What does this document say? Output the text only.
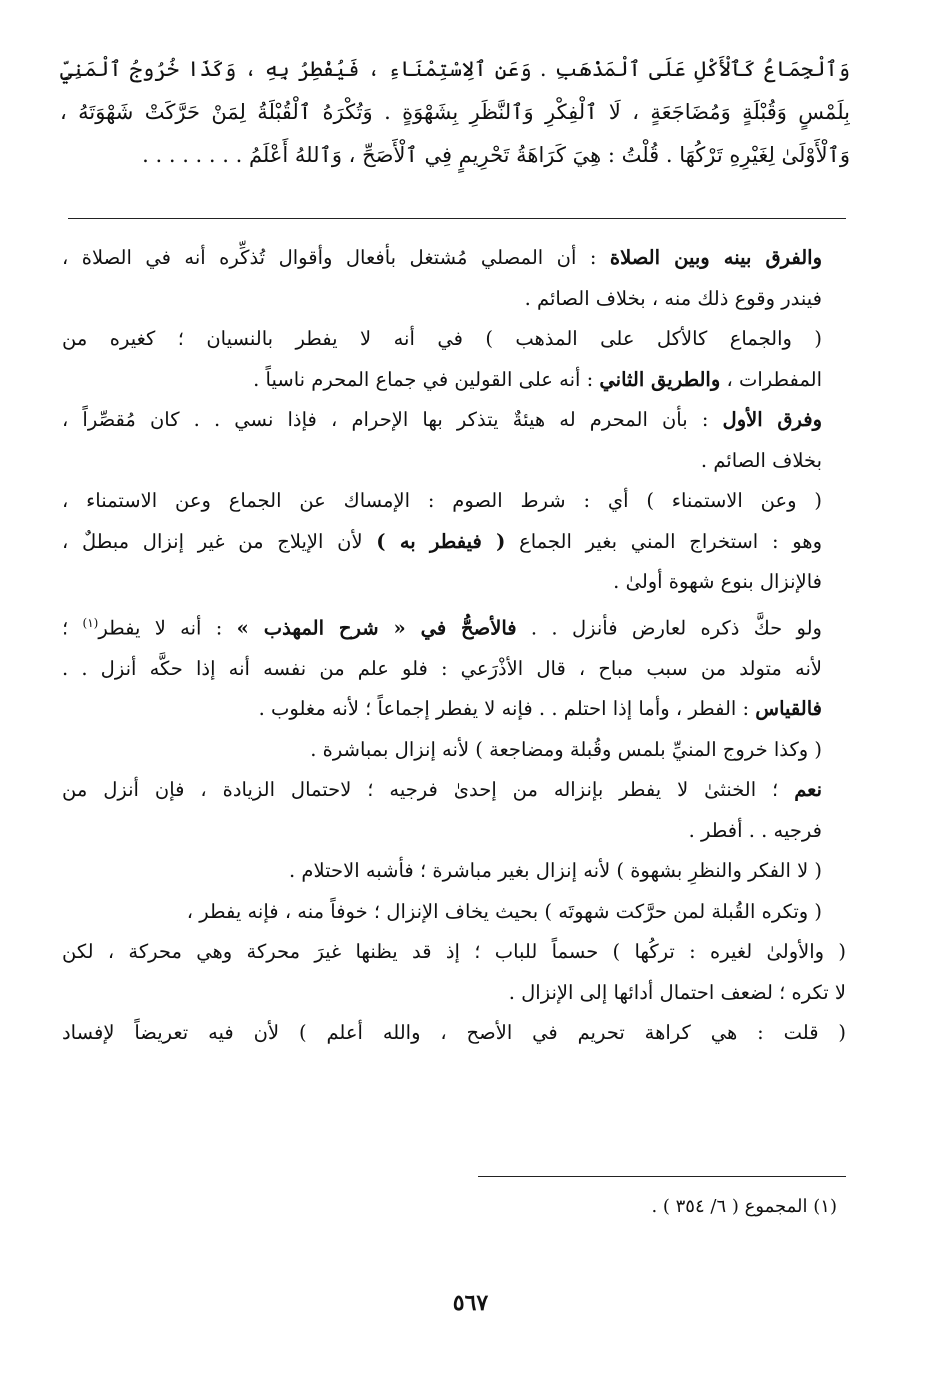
وَٱلْجِمَاعُ كَٱلْأَكْلِ عَلَى ٱلْمَذْهَبِ . وَعَنِ ٱلِاسْتِمْنَاءِ ، فَيُفْطِرُ بِهِ ، وَكَذَا خُرُوجُ ٱلْمَنِيِّ
بِلَمْسٍ وَقُبْلَةٍ وَمُضَاجَعَةٍ ، لَا ٱلْفِكْرِ وَٱلنَّظَرِ بِشَهْوَةٍ . وَتُكْرَهُ ٱلْقُبْلَةُ لِمَنْ حَرَّكَتْ شَهْوَتَهُ ،
وَٱلْأَوْلَىٰ لِغَيْرِهِ تَرْكُهَا . قُلْتُ : هِيَ كَرَاهَةُ تَحْرِيمٍ فِي ٱلْأَصَحِّ ، وَٱللهُ أَعْلَمُ . . . . . . . .
والفرق بينه وبين الصلاة : أن المصلي مُشتغل بأفعال وأقوال تُذكِّره أنه في الصلاة ،
فيندر وقوع ذلك منه ، بخلاف الصائم .
( والجماع كالأكل على المذهب ) في أنه لا يفطر بالنسيان ؛ كغيره من
المفطرات ، والطريق الثاني : أنه على القولين في جماع المحرم ناسياً .
وفرق الأول : بأن المحرم له هيئةٌ يتذكر بها الإحرام ، فإذا نسي . . كان مُقصِّراً ،
بخلاف الصائم .
( وعن الاستمناء ) أي : شرط الصوم : الإمساك عن الجماع وعن الاستمناء ،
وهو : استخراج المني بغير الجماع ( فيفطر به ) لأن الإيلاج من غير إنزال مبطلٌ ،
فالإنزال بنوع شهوة أولىٰ .
ولو حكَّ ذكره لعارض فأنزل . . فالأصحُّ في « شرح المهذب » : أنه لا يفطر$^{(١)}$ ؛
لأنه متولد من سبب مباح ، قال الأذْرَعي : فلو علم من نفسه أنه إذا حكَّه أنزل . .
فالقياس : الفطر ، وأما إذا احتلم . . فإنه لا يفطر إجماعاً ؛ لأنه مغلوب .
( وكذا خروج المنيِّ بلمس وقُبلة ومضاجعة ) لأنه إنزال بمباشرة .
نعم ؛ الخنثىٰ لا يفطر بإنزاله من إحدىٰ فرجيه ؛ لاحتمال الزيادة ، فإن أنزل من
فرجيه . . أفطر .
( لا الفكر والنظرِ بشهوة ) لأنه إنزال بغير مباشرة ؛ فأشبه الاحتلام .
( وتكره القُبلة لمن حرَّكت شهوتَه ) بحيث يخاف الإنزال ؛ خوفاً منه ، فإنه يفطر ،
( والأولىٰ لغيره : تركُها ) حسماً للباب ؛ إذ قد يظنها غيرَ محركة وهي محركة ، لكن
لا تكره ؛ لضعف احتمال أدائها إلى الإنزال .
( قلت : هي كراهة تحريم في الأصح ، والله أعلم ) لأن فيه تعريضاً لإفساد
(١) المجموع ( ٦/ ٣٥٤ ) .
٥٦٧
